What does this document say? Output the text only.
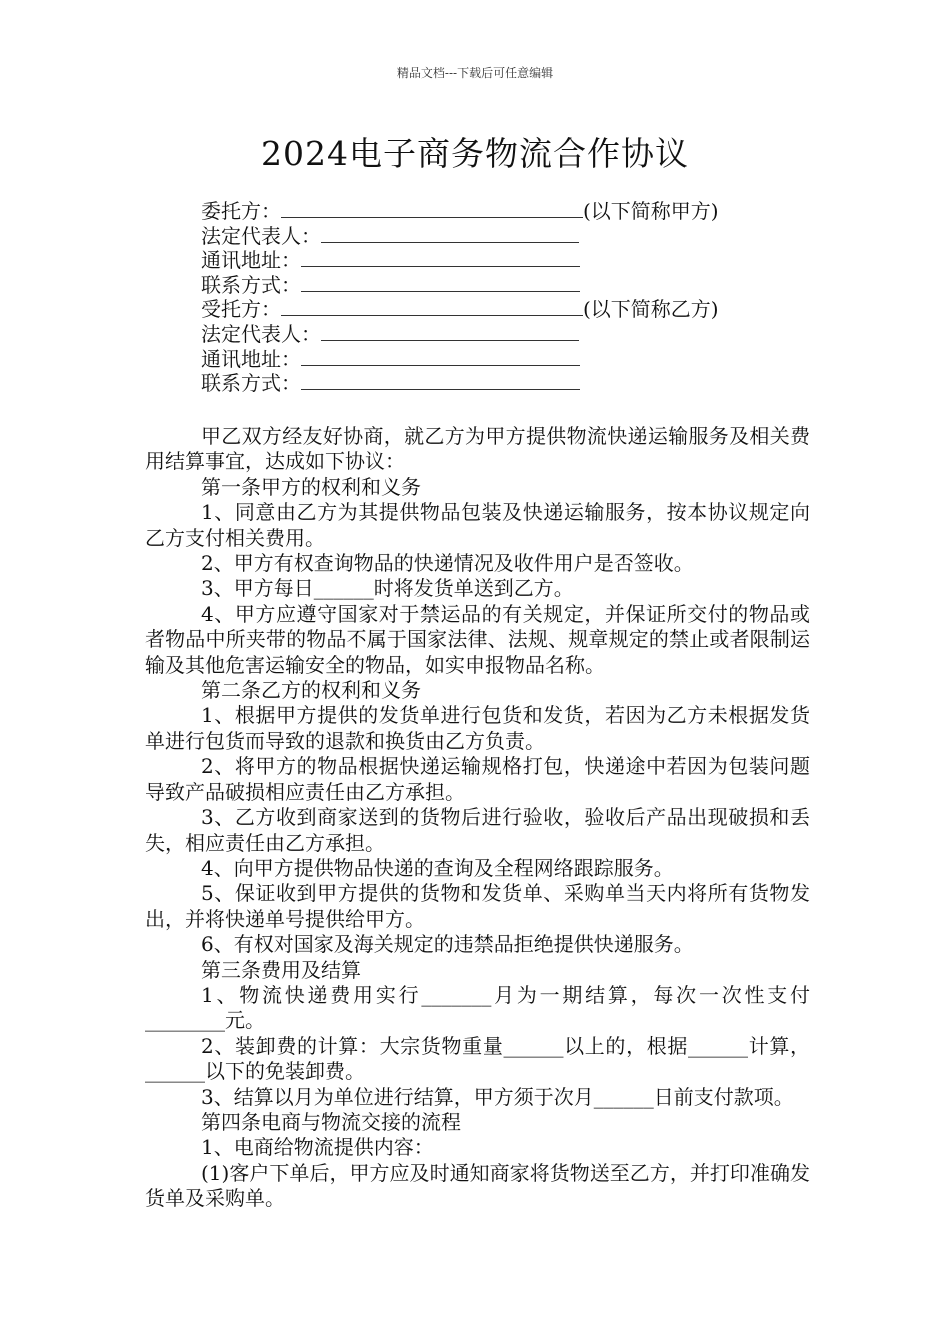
精品文档---下载后可任意编辑
2024电子商务物流合作协议
委托方：	(以下简称甲方)
法定代表人：
通讯地址：
联系方式：
受托方：	(以下简称乙方)
法定代表人：
通讯地址：
联系方式：

甲乙双方经友好协商，就乙方为甲方提供物流快递运输服务及相关费用结算事宜，达成如下协议：

第一条甲方的权利和义务

1、同意由乙方为其提供物品包装及快递运输服务，按本协议规定向乙方支付相关费用。

2、甲方有权查询物品的快递情况及收件用户是否签收。

3、甲方每日______时将发货单送到乙方。

4、甲方应遵守国家对于禁运品的有关规定，并保证所交付的物品或者物品中所夹带的物品不属于国家法律、法规、规章规定的禁止或者限制运输及其他危害运输安全的物品，如实申报物品名称。

第二条乙方的权利和义务

1、根据甲方提供的发货单进行包货和发货，若因为乙方未根据发货单进行包货而导致的退款和换货由乙方负责。

2、将甲方的物品根据快递运输规格打包，快递途中若因为包装问题导致产品破损相应责任由乙方承担。

3、乙方收到商家送到的货物后进行验收，验收后产品出现破损和丢失，相应责任由乙方承担。

4、向甲方提供物品快递的查询及全程网络跟踪服务。

5、保证收到甲方提供的货物和发货单、采购单当天内将所有货物发出，并将快递单号提供给甲方。

6、有权对国家及海关规定的违禁品拒绝提供快递服务。

第三条费用及结算

1、物流快递费用实行_______月为一期结算，每次一次性支付________元。

2、装卸费的计算：大宗货物重量______以上的，根据______计算，______以下的免装卸费。

3、结算以月为单位进行结算，甲方须于次月______日前支付款项。

第四条电商与物流交接的流程

1、电商给物流提供内容：

(1)客户下单后，甲方应及时通知商家将货物送至乙方，并打印准确发货单及采购单。
